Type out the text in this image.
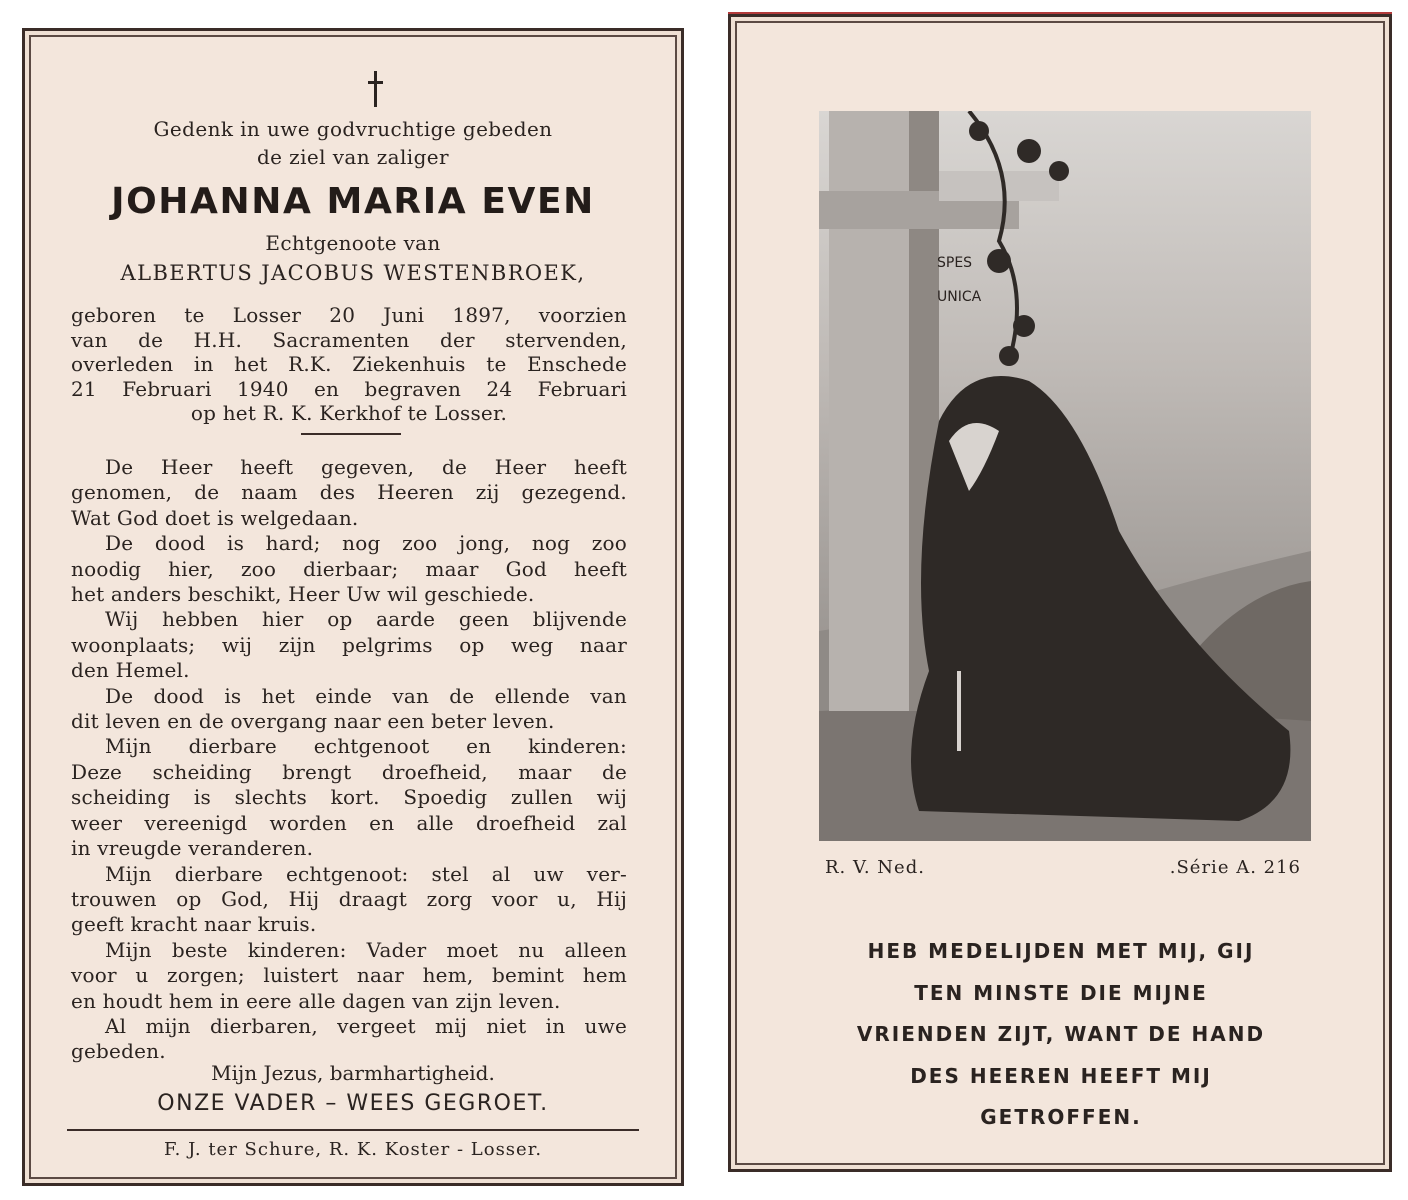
Gedenk in uwe godvruchtige gebeden
de ziel van zaliger
JOHANNA MARIA EVEN
Echtgenoote van
ALBERTUS JACOBUS WESTENBROEK,

geboren te Losser 20 Juni 1897, voorzien

van de H.H. Sacramenten der stervenden,

overleden in het R.K. Ziekenhuis te Enschede

21 Februari 1940 en begraven 24 Februari

op het R. K. Kerkhof te Losser.

De Heer heeft gegeven, de Heer heeft

genomen, de naam des Heeren zij gezegend.

Wat God doet is welgedaan.

De dood is hard; nog zoo jong, nog zoo

noodig hier, zoo dierbaar; maar God heeft

het anders beschikt, Heer Uw wil geschiede.

Wij hebben hier op aarde geen blijvende

woonplaats; wij zijn pelgrims op weg naar

den Hemel.

De dood is het einde van de ellende van

dit leven en de overgang naar een beter leven.

Mijn dierbare echtgenoot en kinderen:

Deze scheiding brengt droefheid, maar de

scheiding is slechts kort. Spoedig zullen wij

weer vereenigd worden en alle droefheid zal

in vreugde veranderen.

Mijn dierbare echtgenoot: stel al uw ver-

trouwen op God, Hij draagt zorg voor u, Hij

geeft kracht naar kruis.

Mijn beste kinderen: Vader moet nu alleen

voor u zorgen; luistert naar hem, bemint hem

en houdt hem in eere alle dagen van zijn leven.

Al mijn dierbaren, vergeet mij niet in uwe

gebeden.

Mijn Jezus, barmhartigheid.
ONZE VADER – WEES GEGROET.
F. J. ter Schure, R. K. Koster - Losser.
SPES
UNICA
R. V. Ned.	.Série A. 216
HEB MEDELIJDEN MET MIJ, GIJ
TEN MINSTE DIE MIJNE
VRIENDEN ZIJT, WANT DE HAND
DES HEEREN HEEFT MIJ
GETROFFEN.
